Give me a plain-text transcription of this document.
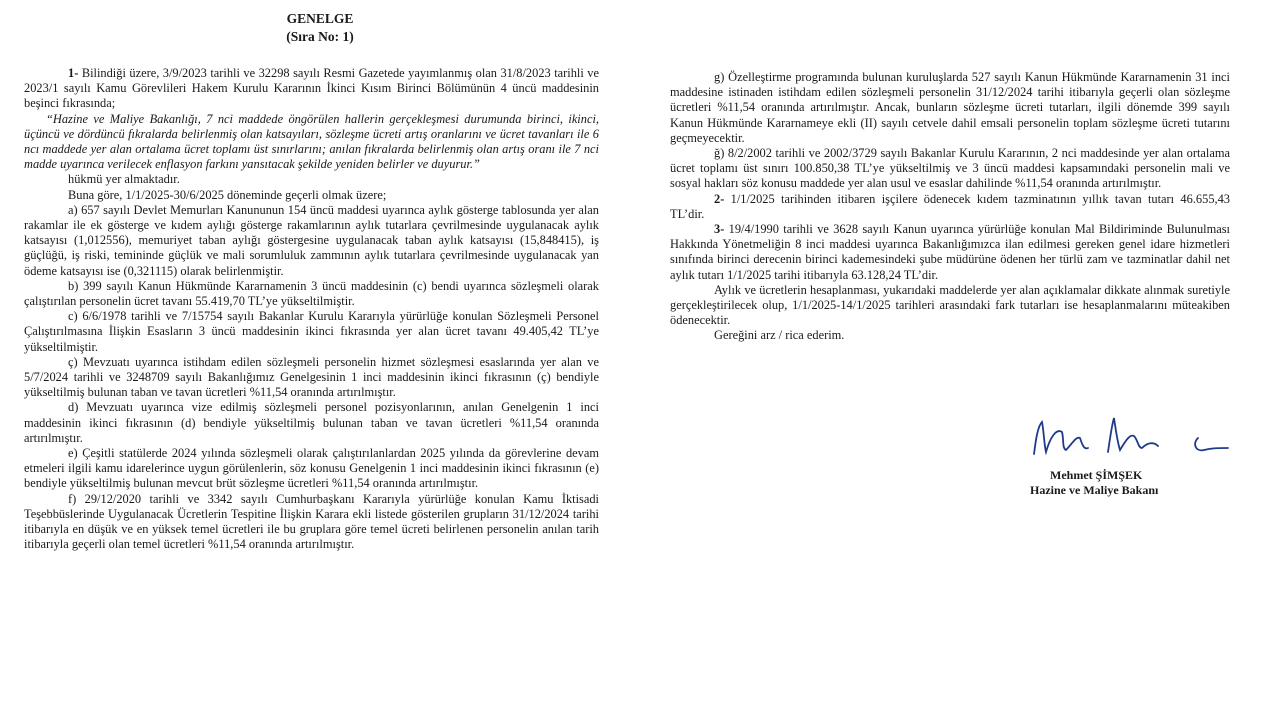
GENELGE
(Sıra No: 1)

1- Bilindiği üzere, 3/9/2023 tarihli ve 32298 sayılı Resmi Gazetede yayımlanmış olan 31/8/2023 tarihli ve 2023/1 sayılı Kamu Görevlileri Hakem Kurulu Kararının İkinci Kısım Birinci Bölümünün 4 üncü maddesinin beşinci fıkrasında;

“Hazine ve Maliye Bakanlığı, 7 nci maddede öngörülen hallerin gerçekleşmesi durumunda birinci, ikinci, üçüncü ve dördüncü fıkralarda belirlenmiş olan katsayıları, sözleşme ücreti artış oranlarını ve ücret tavanları ile 6 ncı maddede yer alan ortalama ücret toplamı üst sınırlarını; anılan fıkralarda belirlenmiş olan artış oranı ile 7 nci madde uyarınca verilecek enflasyon farkını yansıtacak şekilde yeniden belirler ve duyurur.”

hükmü yer almaktadır.

Buna göre, 1/1/2025-30/6/2025 döneminde geçerli olmak üzere;

a) 657 sayılı Devlet Memurları Kanununun 154 üncü maddesi uyarınca aylık gösterge tablosunda yer alan rakamlar ile ek gösterge ve kıdem aylığı gösterge rakamlarının aylık tutarlara çevrilmesinde uygulanacak aylık katsayısı (1,012556), memuriyet taban aylığı göstergesine uygulanacak taban aylık katsayısı (15,848415), iş güçlüğü, iş riski, temininde güçlük ve mali sorumluluk zammının aylık tutarlara çevrilmesinde uygulanacak yan ödeme katsayısı ise (0,321115) olarak belirlenmiştir.

b) 399 sayılı Kanun Hükmünde Kararnamenin 3 üncü maddesinin (c) bendi uyarınca sözleşmeli olarak çalıştırılan personelin ücret tavanı 55.419,70 TL’ye yükseltilmiştir.

c) 6/6/1978 tarihli ve 7/15754 sayılı Bakanlar Kurulu Kararıyla yürürlüğe konulan Sözleşmeli Personel Çalıştırılmasına İlişkin Esasların 3 üncü maddesinin ikinci fıkrasında yer alan ücret tavanı 49.405,42 TL’ye yükseltilmiştir.

ç) Mevzuatı uyarınca istihdam edilen sözleşmeli personelin hizmet sözleşmesi esaslarında yer alan ve 5/7/2024 tarihli ve 3248709 sayılı Bakanlığımız Genelgesinin 1 inci maddesinin ikinci fıkrasının (ç) bendiyle yükseltilmiş bulunan taban ve tavan ücretleri %11,54 oranında artırılmıştır.

d) Mevzuatı uyarınca vize edilmiş sözleşmeli personel pozisyonlarının, anılan Genelgenin 1 inci maddesinin ikinci fıkrasının (d) bendiyle yükseltilmiş bulunan taban ve tavan ücretleri %11,54 oranında artırılmıştır.

e) Çeşitli statülerde 2024 yılında sözleşmeli olarak çalıştırılanlardan 2025 yılında da görevlerine devam etmeleri ilgili kamu idarelerince uygun görülenlerin, söz konusu Genelgenin 1 inci maddesinin ikinci fıkrasının (e) bendiyle yükseltilmiş bulunan mevcut brüt sözleşme ücretleri %11,54 oranında artırılmıştır.

f) 29/12/2020 tarihli ve 3342 sayılı Cumhurbaşkanı Kararıyla yürürlüğe konulan Kamu İktisadi Teşebbüslerinde Uygulanacak Ücretlerin Tespitine İlişkin Karara ekli listede gösterilen grupların 31/12/2024 tarihi itibarıyla en düşük ve en yüksek temel ücretleri ile bu gruplara göre temel ücreti belirlenen personelin anılan tarih itibarıyla geçerli olan temel ücretleri %11,54 oranında artırılmıştır.

g) Özelleştirme programında bulunan kuruluşlarda 527 sayılı Kanun Hükmünde Kararnamenin 31 inci maddesine istinaden istihdam edilen sözleşmeli personelin 31/12/2024 tarihi itibarıyla geçerli olan sözleşme ücretleri %11,54 oranında artırılmıştır. Ancak, bunların sözleşme ücreti tutarları, ilgili dönemde 399 sayılı Kanun Hükmünde Kararnameye ekli (II) sayılı cetvele dahil emsali personelin toplam sözleşme ücreti tutarını geçmeyecektir.

ğ) 8/2/2002 tarihli ve 2002/3729 sayılı Bakanlar Kurulu Kararının, 2 nci maddesinde yer alan ortalama ücret toplamı üst sınırı 100.850,38 TL’ye yükseltilmiş ve 3 üncü maddesi kapsamındaki personelin mali ve sosyal hakları söz konusu maddede yer alan usul ve esaslar dahilinde %11,54 oranında artırılmıştır.

2- 1/1/2025 tarihinden itibaren işçilere ödenecek kıdem tazminatının yıllık tavan tutarı 46.655,43 TL’dir.

3- 19/4/1990 tarihli ve 3628 sayılı Kanun uyarınca yürürlüğe konulan Mal Bildiriminde Bulunulması Hakkında Yönetmeliğin 8 inci maddesi uyarınca Bakanlığımızca ilan edilmesi gereken genel idare hizmetleri sınıfında birinci derecenin birinci kademesindeki şube müdürüne ödenen her türlü zam ve tazminatlar dahil net aylık tutarı 1/1/2025 tarihi itibarıyla 63.128,24 TL’dir.

Aylık ve ücretlerin hesaplanması, yukarıdaki maddelerde yer alan açıklamalar dikkate alınmak suretiyle gerçekleştirilecek olup, 1/1/2025-14/1/2025 tarihleri arasındaki fark tutarları ise hesaplanmalarını müteakiben ödenecektir.

Gereğini arz / rica ederim.

Mehmet ŞİMŞEK
Hazine ve Maliye Bakanı
